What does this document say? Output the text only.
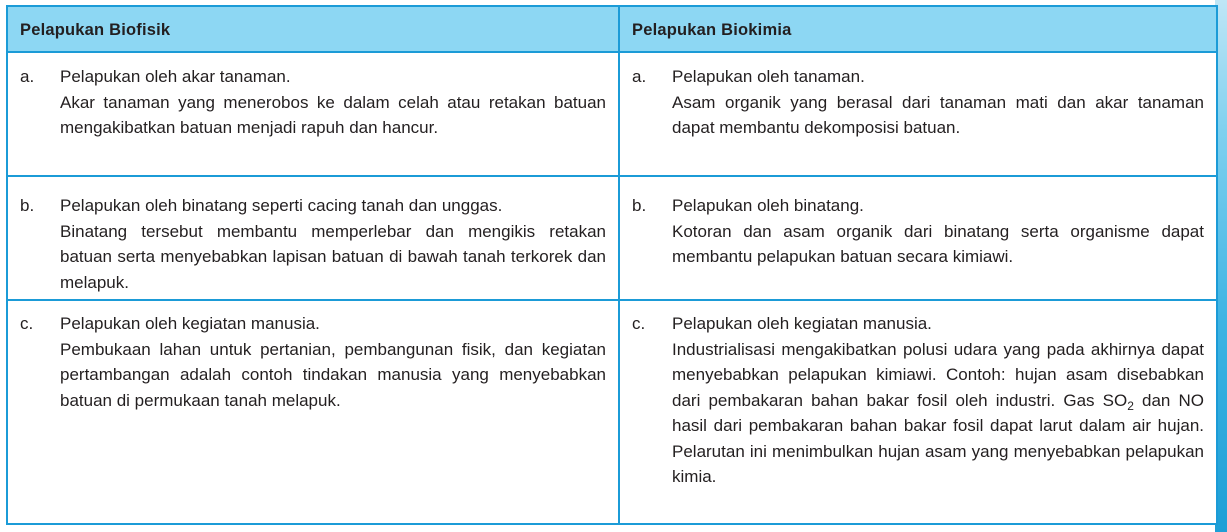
Pelapukan Biofisik	Pelapukan Biokimia
a.	Pelapukan oleh akar tanaman.
Akar tanaman yang menerobos ke dalam celah atau retakan batuan mengakibatkan batuan menjadi rapuh dan hancur.
a.	Pelapukan oleh tanaman.
Asam organik yang berasal dari tanaman mati dan akar tanaman dapat membantu dekomposisi batuan.
b.	Pelapukan oleh binatang seperti cacing tanah dan unggas.
Binatang tersebut membantu memperlebar dan mengikis retakan batuan serta menyebabkan lapisan batuan di bawah tanah terkorek dan melapuk.
b.	Pelapukan oleh binatang.
Kotoran dan asam organik dari binatang serta organisme dapat membantu pelapukan batuan secara kimiawi.
c.	Pelapukan oleh kegiatan manusia.
Pembukaan lahan untuk pertanian, pembangunan fisik, dan kegiatan pertambangan adalah contoh tindakan manusia yang menyebabkan batuan di permukaan tanah melapuk.
c.	Pelapukan oleh kegiatan manusia.
Industrialisasi mengakibatkan polusi udara yang pada akhirnya dapat menyebabkan pelapukan kimiawi. Contoh: hujan asam disebabkan dari pembakaran bahan bakar fosil oleh industri. Gas $SO_2$ dan NO hasil dari pembakaran bahan bakar fosil dapat larut dalam air hujan. Pelarutan ini menimbulkan hujan asam yang menyebabkan pelapukan kimia.
